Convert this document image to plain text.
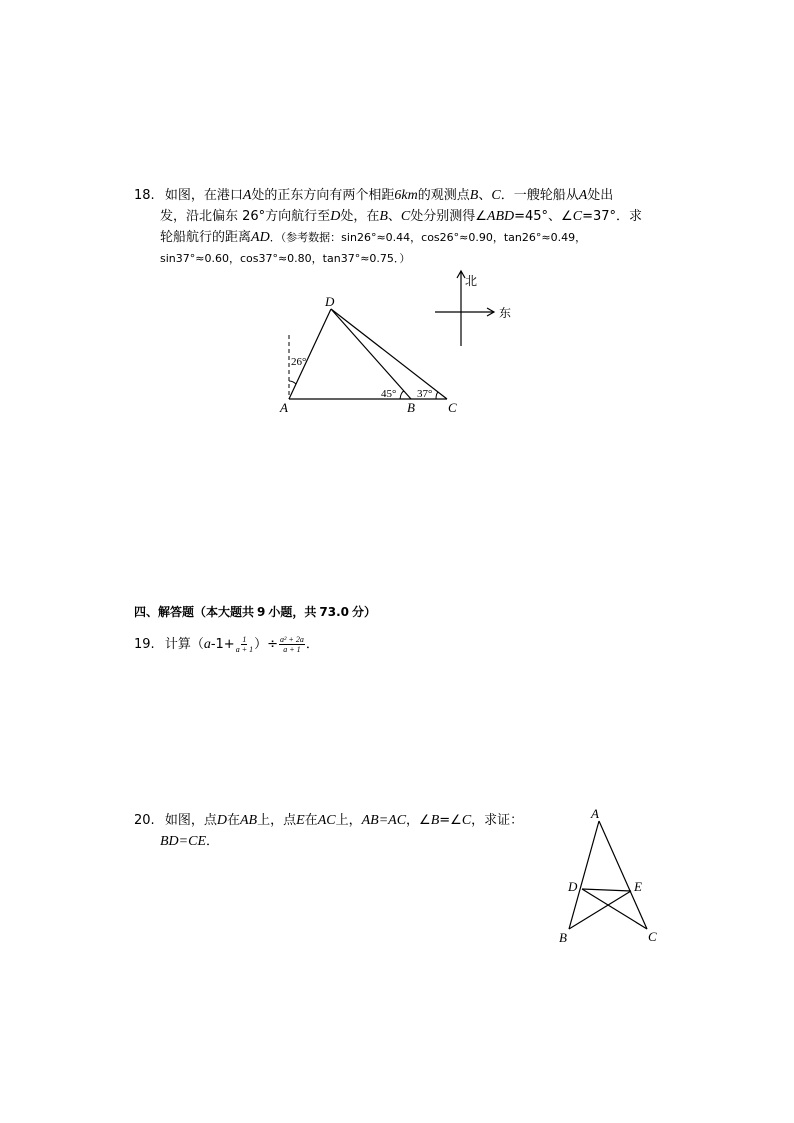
18. 如图，在港口A处的正东方向有两个相距6km的观测点B、C．一艘轮船从A处出
发，沿北偏东 26°方向航行至D处，在B、C处分别测得∠ABD=45°、∠C=37°．求
轮船航行的距离AD．（参考数据：sin26°≈0.44，cos26°≈0.90，tan26°≈0.49，
sin37°≈0.60，cos37°≈0.80，tan37°≈0.75．）
D
A	B	C
26°
45° 37°
北
东
四、解答题（本大题共 9 小题，共 73.0 分）
19. 计算（$a-1+ \frac{1}{a + 1}$ ）÷ $\frac{\text{a² + 2a}}{a + 1}$ ．
20. 如图，点D在AB上，点E在AC上，AB=AC，∠B=∠C，求证：
BD=CE．
A
D	E
B	C
